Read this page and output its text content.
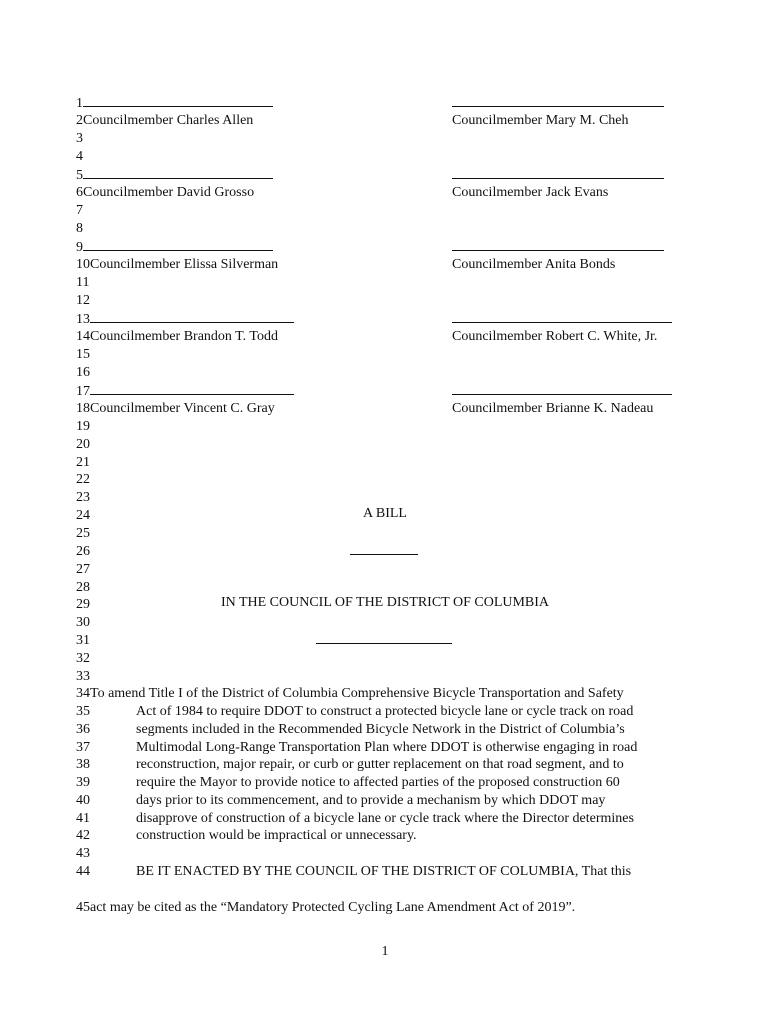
1
2Councilmember Charles Allen	Councilmember Mary M. Cheh
3
4
5
6Councilmember David Grosso	Councilmember Jack Evans
7
8
9
10Councilmember Elissa Silverman	Councilmember Anita Bonds
11
12
13
14Councilmember Brandon T. Todd	Councilmember Robert C. White, Jr.
15
16
17
18Councilmember Vincent C. Gray	Councilmember Brianne K. Nadeau
19
20
21
22
23
24	A BILL
25
26
27
28
29	IN THE COUNCIL OF THE DISTRICT OF COLUMBIA
30
31
32
33
34To amend Title I of the District of Columbia Comprehensive Bicycle Transportation and Safety
35	Act of 1984 to require DDOT to construct a protected bicycle lane or cycle track on road
36	segments included in the Recommended Bicycle Network in the District of Columbia’s
37	Multimodal Long-Range Transportation Plan where DDOT is otherwise engaging in road
38	reconstruction, major repair, or curb or gutter replacement on that road segment, and to
39	require the Mayor to provide notice to affected parties of the proposed construction 60
40	days prior to its commencement, and to provide a mechanism by which DDOT may
41	disapprove of construction of a bicycle lane or cycle track where the Director determines
42	construction would be impractical or unnecessary.
43
44	BE IT ENACTED BY THE COUNCIL OF THE DISTRICT OF COLUMBIA, That this
45act may be cited as the “Mandatory Protected Cycling Lane Amendment Act of 2019”.
1
